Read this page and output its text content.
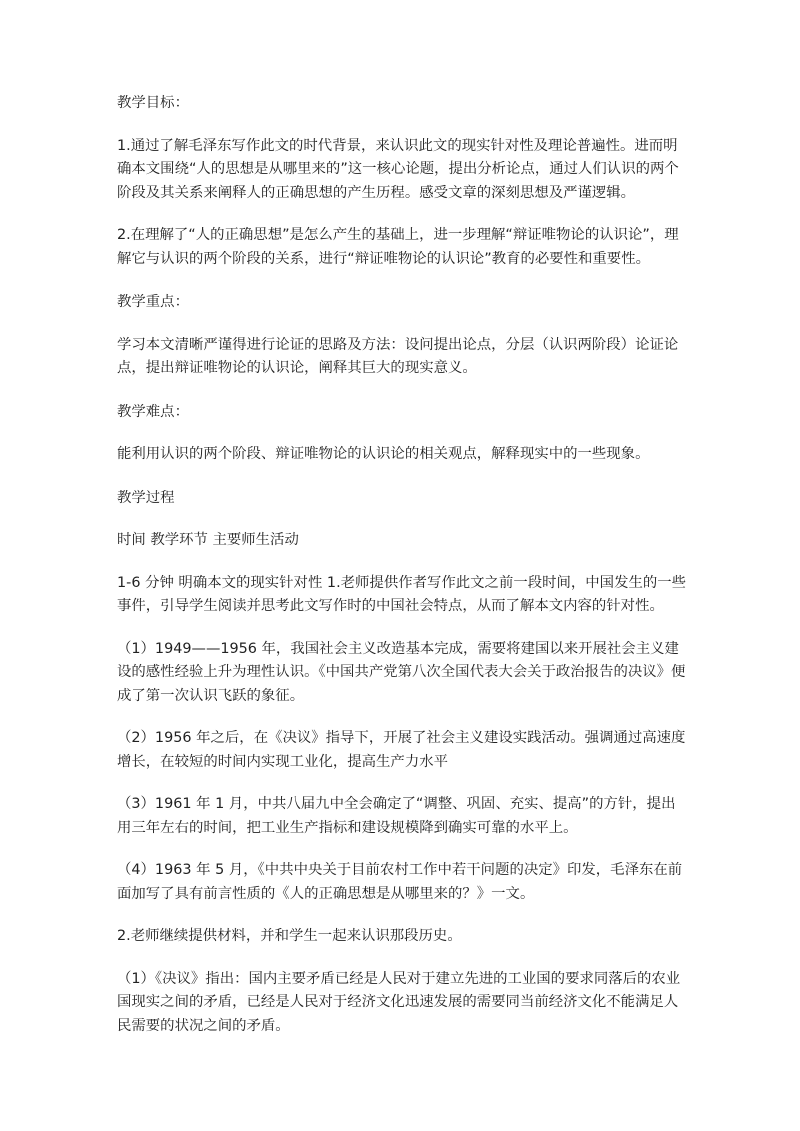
教学目标：

1.通过了解毛泽东写作此文的时代背景，来认识此文的现实针对性及理论普遍性。进而明确本文围绕“人的思想是从哪里来的”这一核心论题，提出分析论点，通过人们认识的两个阶段及其关系来阐释人的正确思想的产生历程。感受文章的深刻思想及严谨逻辑。

2.在理解了“人的正确思想”是怎么产生的基础上，进一步理解“辩证唯物论的认识论”，理解它与认识的两个阶段的关系，进行“辩证唯物论的认识论”教育的必要性和重要性。

教学重点：

学习本文清晰严谨得进行论证的思路及方法：设问提出论点，分层（认识两阶段）论证论点，提出辩证唯物论的认识论，阐释其巨大的现实意义。

教学难点：

能利用认识的两个阶段、辩证唯物论的认识论的相关观点，解释现实中的一些现象。

教学过程

时间 教学环节 主要师生活动

1-6 分钟 明确本文的现实针对性 1.老师提供作者写作此文之前一段时间，中国发生的一些事件，引导学生阅读并思考此文写作时的中国社会特点，从而了解本文内容的针对性。

（1）1949——1956 年，我国社会主义改造基本完成，需要将建国以来开展社会主义建设的感性经验上升为理性认识。《中国共产党第八次全国代表大会关于政治报告的决议》便成了第一次认识飞跃的象征。

（2）1956 年之后，在《决议》指导下，开展了社会主义建设实践活动。强调通过高速度增长，在较短的时间内实现工业化，提高生产力水平

（3）1961 年 1 月，中共八届九中全会确定了“调整、巩固、充实、提高”的方针，提出用三年左右的时间，把工业生产指标和建设规模降到确实可靠的水平上。

（4）1963 年 5 月，《中共中央关于目前农村工作中若干问题的决定》印发，毛泽东在前面加写了具有前言性质的《人的正确思想是从哪里来的？》一文。

2.老师继续提供材料，并和学生一起来认识那段历史。

（1）《决议》指出：国内主要矛盾已经是人民对于建立先进的工业国的要求同落后的农业国现实之间的矛盾，已经是人民对于经济文化迅速发展的需要同当前经济文化不能满足人民需要的状况之间的矛盾。
